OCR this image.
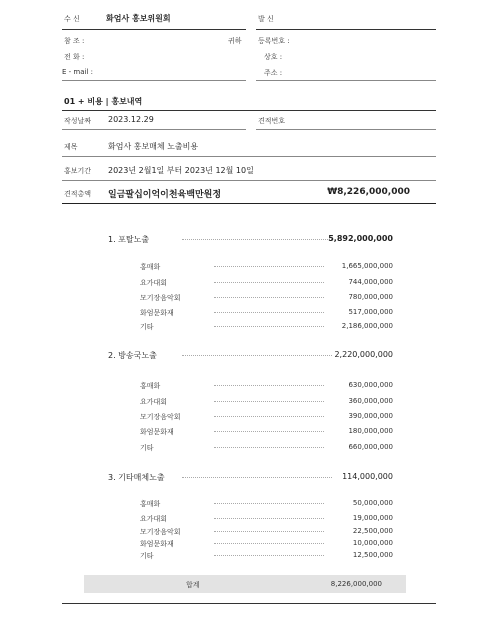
수 신	화엄사 홍보위원회	발 신
참 조 :	귀하 등록번호 :
전 화 :	상호 :
E - mail :	주소 :
01 + 비용 | 홍보내역
작성날짜 2023.12.29	견적번호
제목	화엄사 홍보매체 노출비용
홍보기간 2023년 2월1일 부터 2023년 12월 10일
견적총액 일금팔십이억이천육백만원정	₩8,226,000,000
1. 포탈노출	5,892,000,000
홍매화	1,665,000,000
요가대회	744,000,000
모기장음악회	780,000,000
화엄문화재	517,000,000
기타	2,186,000,000
2. 방송국노출	2,220,000,000
홍매화	630,000,000
요가대회	360,000,000
모기장음악회	390,000,000
화엄문화재	180,000,000
기타	660,000,000
3. 기타매체노출	114,000,000
홍매화	50,000,000
요가대회	19,000,000
모기장음악회	22,500,000
화엄문화재	10,000,000
기타	12,500,000
합계	8,226,000,000
